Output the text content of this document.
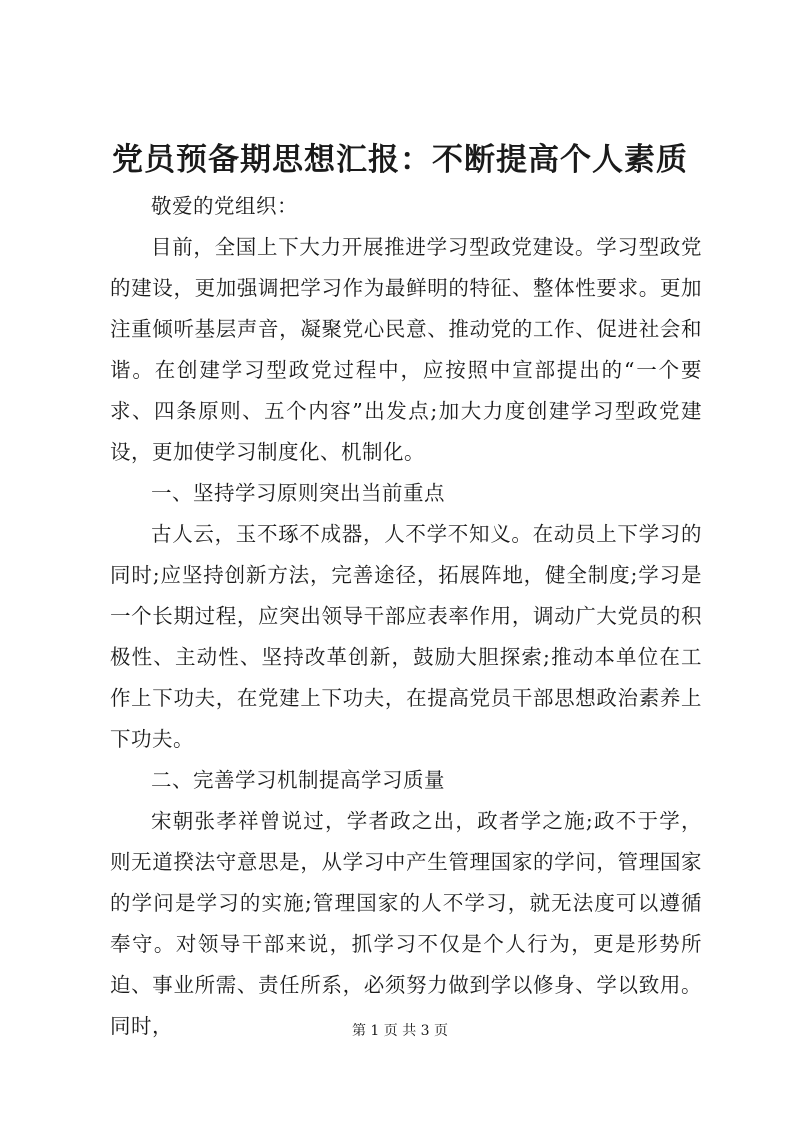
党员预备期思想汇报：不断提高个人素质

敬爱的党组织：

目前，全国上下大力开展推进学习型政党建设。学习型政党的建设，更加强调把学习作为最鲜明的特征、整体性要求。更加注重倾听基层声音，凝聚党心民意、推动党的工作、促进社会和谐。在创建学习型政党过程中，应按照中宣部提出的“一个要求、四条原则、五个内容”出发点;加大力度创建学习型政党建设，更加使学习制度化、机制化。

一、坚持学习原则突出当前重点

古人云，玉不琢不成器，人不学不知义。在动员上下学习的同时;应坚持创新方法，完善途径，拓展阵地，健全制度;学习是一个长期过程，应突出领导干部应表率作用，调动广大党员的积极性、主动性、坚持改革创新，鼓励大胆探索;推动本单位在工作上下功夫，在党建上下功夫，在提高党员干部思想政治素养上下功夫。

二、完善学习机制提高学习质量

宋朝张孝祥曾说过，学者政之出，政者学之施;政不于学，则无道揆法守意思是，从学习中产生管理国家的学问，管理国家的学问是学习的实施;管理国家的人不学习，就无法度可以遵循奉守。对领导干部来说，抓学习不仅是个人行为，更是形势所迫、事业所需、责任所系，必须努力做到学以修身、学以致用。同时，	第 1 页 共 3 页
